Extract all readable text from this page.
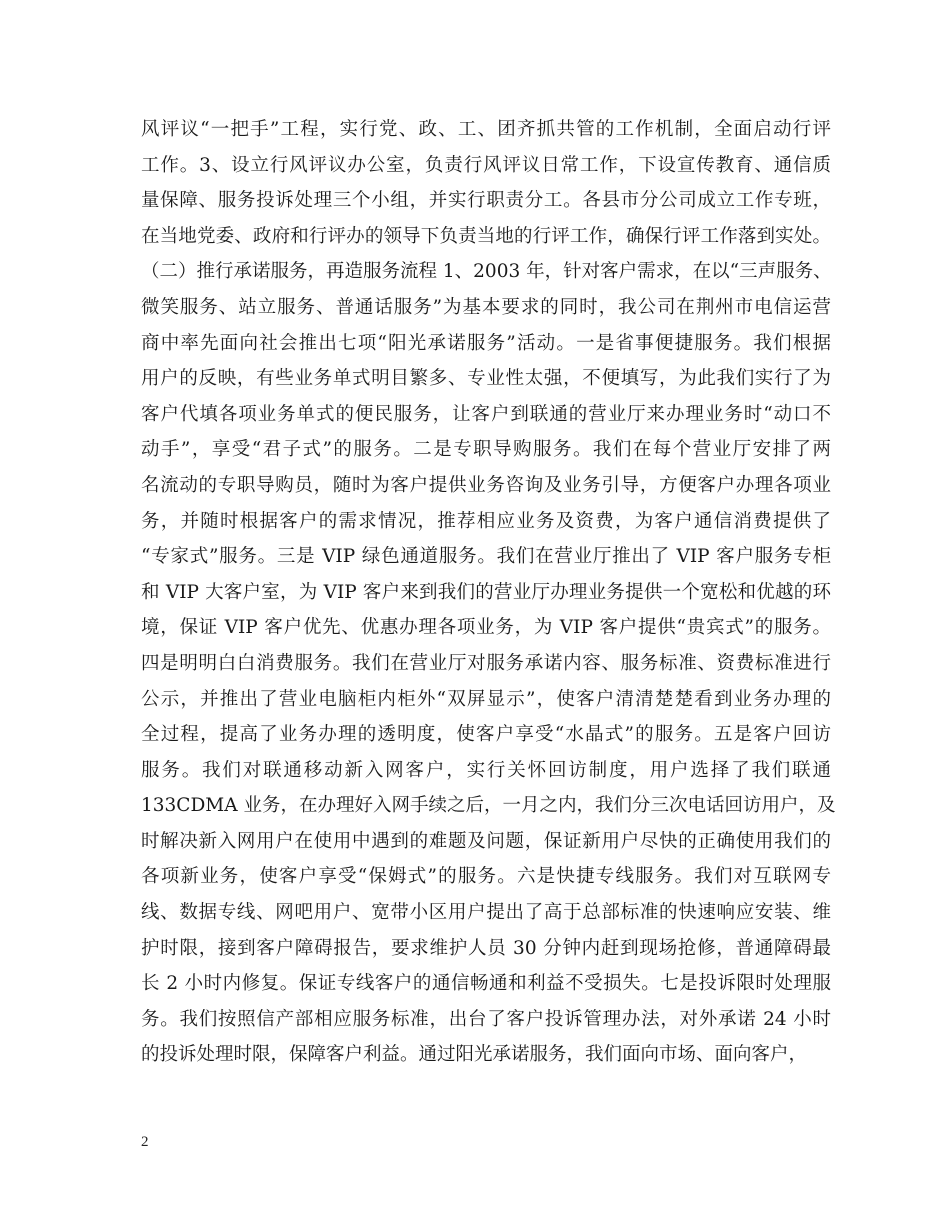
风评议“一把手”工程，实行党、政、工、团齐抓共管的工作机制，全面启动行评
工作。3、设立行风评议办公室，负责行风评议日常工作，下设宣传教育、通信质
量保障、服务投诉处理三个小组，并实行职责分工。各县市分公司成立工作专班，
在当地党委、政府和行评办的领导下负责当地的行评工作，确保行评工作落到实处。
（二）推行承诺服务，再造服务流程 1、2003 年，针对客户需求，在以“三声服务、
微笑服务、站立服务、普通话服务”为基本要求的同时，我公司在荆州市电信运营
商中率先面向社会推出七项“阳光承诺服务”活动。一是省事便捷服务。我们根据
用户的反映，有些业务单式明目繁多、专业性太强，不便填写，为此我们实行了为
客户代填各项业务单式的便民服务，让客户到联通的营业厅来办理业务时“动口不
动手”，享受“君子式”的服务。二是专职导购服务。我们在每个营业厅安排了两
名流动的专职导购员，随时为客户提供业务咨询及业务引导，方便客户办理各项业
务，并随时根据客户的需求情况，推荐相应业务及资费，为客户通信消费提供了
“专家式”服务。三是 VIP 绿色通道服务。我们在营业厅推出了 VIP 客户服务专柜
和 VIP 大客户室，为 VIP 客户来到我们的营业厅办理业务提供一个宽松和优越的环
境，保证 VIP 客户优先、优惠办理各项业务，为 VIP 客户提供“贵宾式”的服务。
四是明明白白消费服务。我们在营业厅对服务承诺内容、服务标准、资费标准进行
公示，并推出了营业电脑柜内柜外“双屏显示”，使客户清清楚楚看到业务办理的
全过程，提高了业务办理的透明度，使客户享受“水晶式”的服务。五是客户回访
服务。我们对联通移动新入网客户，实行关怀回访制度，用户选择了我们联通
133CDMA 业务，在办理好入网手续之后，一月之内，我们分三次电话回访用户，及
时解决新入网用户在使用中遇到的难题及问题，保证新用户尽快的正确使用我们的
各项新业务，使客户享受“保姆式”的服务。六是快捷专线服务。我们对互联网专
线、数据专线、网吧用户、宽带小区用户提出了高于总部标准的快速响应安装、维
护时限，接到客户障碍报告，要求维护人员 30 分钟内赶到现场抢修，普通障碍最
长 2 小时内修复。保证专线客户的通信畅通和利益不受损失。七是投诉限时处理服
务。我们按照信产部相应服务标准，出台了客户投诉管理办法，对外承诺 24 小时
的投诉处理时限，保障客户利益。通过阳光承诺服务，我们面向市场、面向客户，
2
